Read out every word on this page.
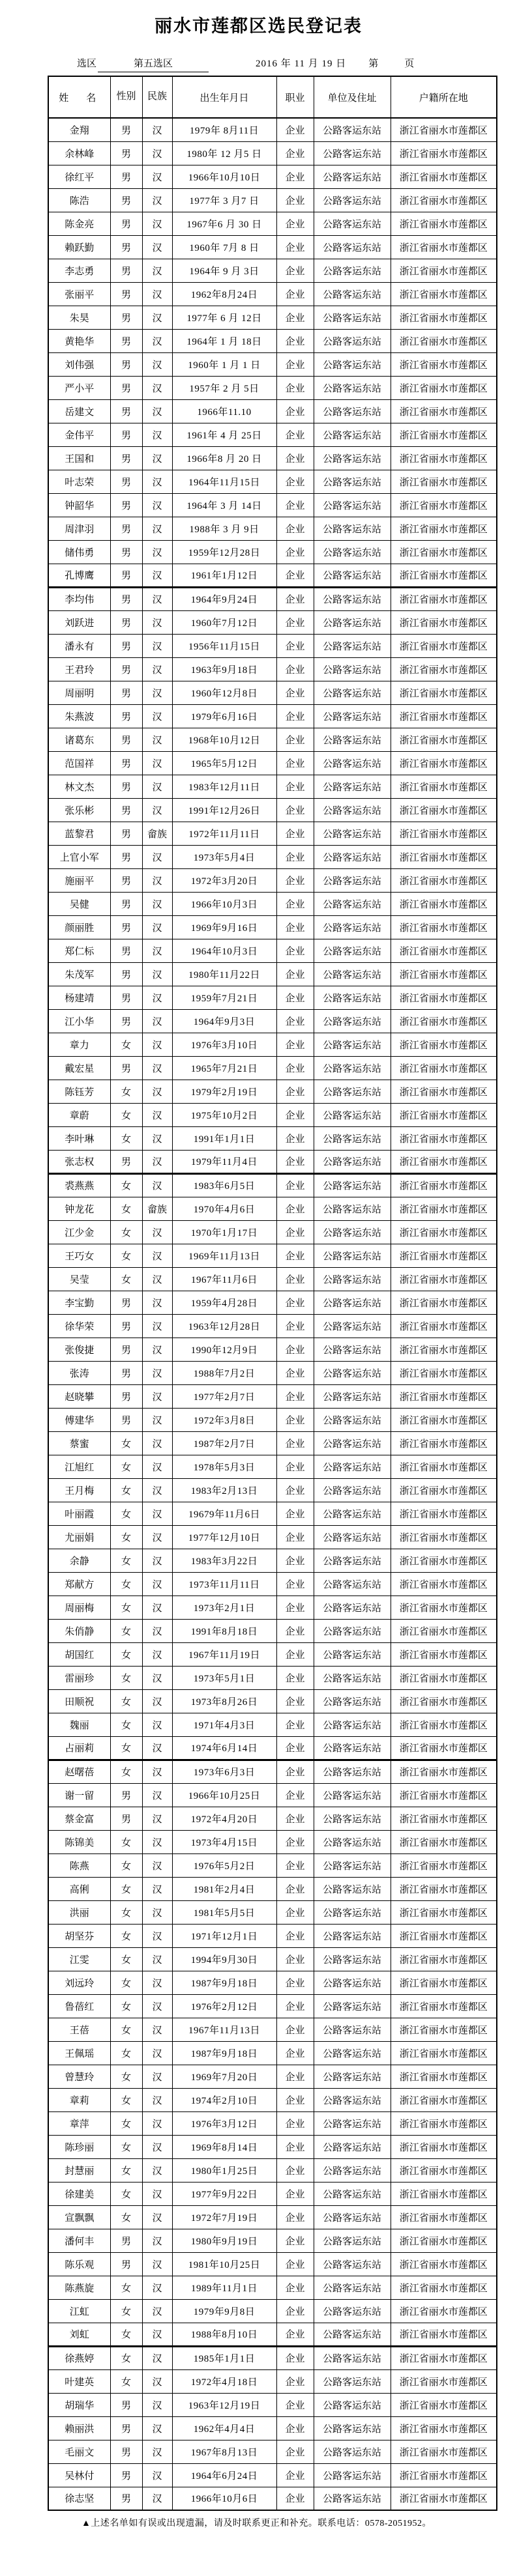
丽水市莲都区选民登记表
选区	第五选区	2016 年 11 月 19 日 第	页
姓　名	性别	民族	出生年月日	职业	单位及住址	户籍所在地
金翔	男	汉	1979年 8月11日	企业	公路客运东站	浙江省丽水市莲都区
余林峰	男	汉	1980年 12 月5 日	企业	公路客运东站	浙江省丽水市莲都区
徐红平	男	汉	1966年10月10日	企业	公路客运东站	浙江省丽水市莲都区
陈浩	男	汉	1977年 3 月7 日	企业	公路客运东站	浙江省丽水市莲都区
陈金亮	男	汉	1967年6 月 30 日	企业	公路客运东站	浙江省丽水市莲都区
赖跃勤	男	汉	1960年 7月 8 日	企业	公路客运东站	浙江省丽水市莲都区
李志勇	男	汉	1964年 9 月 3日	企业	公路客运东站	浙江省丽水市莲都区
张丽平	男	汉	1962年8月24日	企业	公路客运东站	浙江省丽水市莲都区
朱昊	男	汉	1977年 6 月 12日	企业	公路客运东站	浙江省丽水市莲都区
黄艳华	男	汉	1964年 1 月 18日	企业	公路客运东站	浙江省丽水市莲都区
刘伟强	男	汉	1960年 1 月 1 日	企业	公路客运东站	浙江省丽水市莲都区
严小平	男	汉	1957年 2 月 5日	企业	公路客运东站	浙江省丽水市莲都区
岳建文	男	汉	1966年11.10	企业	公路客运东站	浙江省丽水市莲都区
金伟平	男	汉	1961年 4 月 25日	企业	公路客运东站	浙江省丽水市莲都区
王国和	男	汉	1966年8 月 20 日	企业	公路客运东站	浙江省丽水市莲都区
叶志荣	男	汉	1964年11月15日	企业	公路客运东站	浙江省丽水市莲都区
钟韶华	男	汉	1964年 3 月 14日	企业	公路客运东站	浙江省丽水市莲都区
周津羽	男	汉	1988年 3 月 9日	企业	公路客运东站	浙江省丽水市莲都区
储伟勇	男	汉	1959年12月28日	企业	公路客运东站	浙江省丽水市莲都区
孔博鹰	男	汉	1961年1月12日	企业	公路客运东站	浙江省丽水市莲都区
李均伟	男	汉	1964年9月24日	企业	公路客运东站	浙江省丽水市莲都区
刘跃进	男	汉	1960年7月12日	企业	公路客运东站	浙江省丽水市莲都区
潘永有	男	汉	1956年11月15日	企业	公路客运东站	浙江省丽水市莲都区
王君玲	男	汉	1963年9月18日	企业	公路客运东站	浙江省丽水市莲都区
周丽明	男	汉	1960年12月8日	企业	公路客运东站	浙江省丽水市莲都区
朱燕波	男	汉	1979年6月16日	企业	公路客运东站	浙江省丽水市莲都区
诸葛东	男	汉	1968年10月12日	企业	公路客运东站	浙江省丽水市莲都区
范国祥	男	汉	1965年5月12日	企业	公路客运东站	浙江省丽水市莲都区
林文杰	男	汉	1983年12月11日	企业	公路客运东站	浙江省丽水市莲都区
张乐彬	男	汉	1991年12月26日	企业	公路客运东站	浙江省丽水市莲都区
蓝黎君	男	畲族	1972年11月11日	企业	公路客运东站	浙江省丽水市莲都区
上官小军	男	汉	1973年5月4日	企业	公路客运东站	浙江省丽水市莲都区
施丽平	男	汉	1972年3月20日	企业	公路客运东站	浙江省丽水市莲都区
吴健	男	汉	1966年10月3日	企业	公路客运东站	浙江省丽水市莲都区
颜丽胜	男	汉	1969年9月16日	企业	公路客运东站	浙江省丽水市莲都区
郑仁标	男	汉	1964年10月3日	企业	公路客运东站	浙江省丽水市莲都区
朱茂军	男	汉	1980年11月22日	企业	公路客运东站	浙江省丽水市莲都区
杨建靖	男	汉	1959年7月21日	企业	公路客运东站	浙江省丽水市莲都区
江小华	男	汉	1964年9月3日	企业	公路客运东站	浙江省丽水市莲都区
章力	女	汉	1976年3月10日	企业	公路客运东站	浙江省丽水市莲都区
戴宏星	男	汉	1965年7月21日	企业	公路客运东站	浙江省丽水市莲都区
陈钰芳	女	汉	1979年2月19日	企业	公路客运东站	浙江省丽水市莲都区
章蔚	女	汉	1975年10月2日	企业	公路客运东站	浙江省丽水市莲都区
李叶琳	女	汉	1991年1月1日	企业	公路客运东站	浙江省丽水市莲都区
张志权	男	汉	1979年11月4日	企业	公路客运东站	浙江省丽水市莲都区
裘燕燕	女	汉	1983年6月5日	企业	公路客运东站	浙江省丽水市莲都区
钟龙花	女	畲族	1970年4月6日	企业	公路客运东站	浙江省丽水市莲都区
江少金	女	汉	1970年1月17日	企业	公路客运东站	浙江省丽水市莲都区
王巧女	女	汉	1969年11月13日	企业	公路客运东站	浙江省丽水市莲都区
吴莹	女	汉	1967年11月6日	企业	公路客运东站	浙江省丽水市莲都区
李宝勤	男	汉	1959年4月28日	企业	公路客运东站	浙江省丽水市莲都区
徐华荣	男	汉	1963年12月28日	企业	公路客运东站	浙江省丽水市莲都区
张俊捷	男	汉	1990年12月9日	企业	公路客运东站	浙江省丽水市莲都区
张涛	男	汉	1988年7月2日	企业	公路客运东站	浙江省丽水市莲都区
赵晓攀	男	汉	1977年2月7日	企业	公路客运东站	浙江省丽水市莲都区
傅建华	男	汉	1972年3月8日	企业	公路客运东站	浙江省丽水市莲都区
蔡蜜	女	汉	1987年2月7日	企业	公路客运东站	浙江省丽水市莲都区
江旭红	女	汉	1978年5月3日	企业	公路客运东站	浙江省丽水市莲都区
王月梅	女	汉	1983年2月13日	企业	公路客运东站	浙江省丽水市莲都区
叶丽霞	女	汉	19679年11月6日	企业	公路客运东站	浙江省丽水市莲都区
尤丽娟	女	汉	1977年12月10日	企业	公路客运东站	浙江省丽水市莲都区
余静	女	汉	1983年3月22日	企业	公路客运东站	浙江省丽水市莲都区
郑献方	女	汉	1973年11月11日	企业	公路客运东站	浙江省丽水市莲都区
周丽梅	女	汉	1973年2月1日	企业	公路客运东站	浙江省丽水市莲都区
朱俏静	女	汉	1991年8月18日	企业	公路客运东站	浙江省丽水市莲都区
胡国红	女	汉	1967年11月19日	企业	公路客运东站	浙江省丽水市莲都区
雷丽珍	女	汉	1973年5月1日	企业	公路客运东站	浙江省丽水市莲都区
田顺祝	女	汉	1973年8月26日	企业	公路客运东站	浙江省丽水市莲都区
魏丽	女	汉	1971年4月3日	企业	公路客运东站	浙江省丽水市莲都区
占丽莉	女	汉	1974年6月14日	企业	公路客运东站	浙江省丽水市莲都区
赵曙蓓	女	汉	1973年6月3日	企业	公路客运东站	浙江省丽水市莲都区
谢一留	男	汉	1966年10月25日	企业	公路客运东站	浙江省丽水市莲都区
蔡金富	男	汉	1972年4月20日	企业	公路客运东站	浙江省丽水市莲都区
陈锦美	女	汉	1973年4月15日	企业	公路客运东站	浙江省丽水市莲都区
陈燕	女	汉	1976年5月2日	企业	公路客运东站	浙江省丽水市莲都区
高俐	女	汉	1981年2月4日	企业	公路客运东站	浙江省丽水市莲都区
洪丽	女	汉	1981年5月5日	企业	公路客运东站	浙江省丽水市莲都区
胡坚芬	女	汉	1971年12月1日	企业	公路客运东站	浙江省丽水市莲都区
江雯	女	汉	1994年9月30日	企业	公路客运东站	浙江省丽水市莲都区
刘远玲	女	汉	1987年9月18日	企业	公路客运东站	浙江省丽水市莲都区
鲁蓓红	女	汉	1976年2月12日	企业	公路客运东站	浙江省丽水市莲都区
王蓓	女	汉	1967年11月13日	企业	公路客运东站	浙江省丽水市莲都区
王佩瑶	女	汉	1987年9月18日	企业	公路客运东站	浙江省丽水市莲都区
曾慧玲	女	汉	1969年7月20日	企业	公路客运东站	浙江省丽水市莲都区
章莉	女	汉	1974年2月10日	企业	公路客运东站	浙江省丽水市莲都区
章萍	女	汉	1976年3月12日	企业	公路客运东站	浙江省丽水市莲都区
陈珍丽	女	汉	1969年8月14日	企业	公路客运东站	浙江省丽水市莲都区
封慧丽	女	汉	1980年1月25日	企业	公路客运东站	浙江省丽水市莲都区
徐建美	女	汉	1977年9月22日	企业	公路客运东站	浙江省丽水市莲都区
宣飘飘	女	汉	1972年7月19日	企业	公路客运东站	浙江省丽水市莲都区
潘何丰	男	汉	1980年9月19日	企业	公路客运东站	浙江省丽水市莲都区
陈乐观	男	汉	1981年10月25日	企业	公路客运东站	浙江省丽水市莲都区
陈燕旋	女	汉	1989年11月1日	企业	公路客运东站	浙江省丽水市莲都区
江虹	女	汉	1979年9月8日	企业	公路客运东站	浙江省丽水市莲都区
刘虹	女	汉	1988年8月10日	企业	公路客运东站	浙江省丽水市莲都区
徐燕婷	女	汉	1985年1月1日	企业	公路客运东站	浙江省丽水市莲都区
叶建英	女	汉	1972年4月18日	企业	公路客运东站	浙江省丽水市莲都区
胡瑞华	男	汉	1963年12月19日	企业	公路客运东站	浙江省丽水市莲都区
赖丽洪	男	汉	1962年4月4日	企业	公路客运东站	浙江省丽水市莲都区
毛丽文	男	汉	1967年8月13日	企业	公路客运东站	浙江省丽水市莲都区
吴林付	男	汉	1964年6月24日	企业	公路客运东站	浙江省丽水市莲都区
徐志坚	男	汉	1966年10月6日	企业	公路客运东站	浙江省丽水市莲都区
▲上述名单如有误或出现遗漏，请及时联系更正和补充。联系电话：0578-2051952。
